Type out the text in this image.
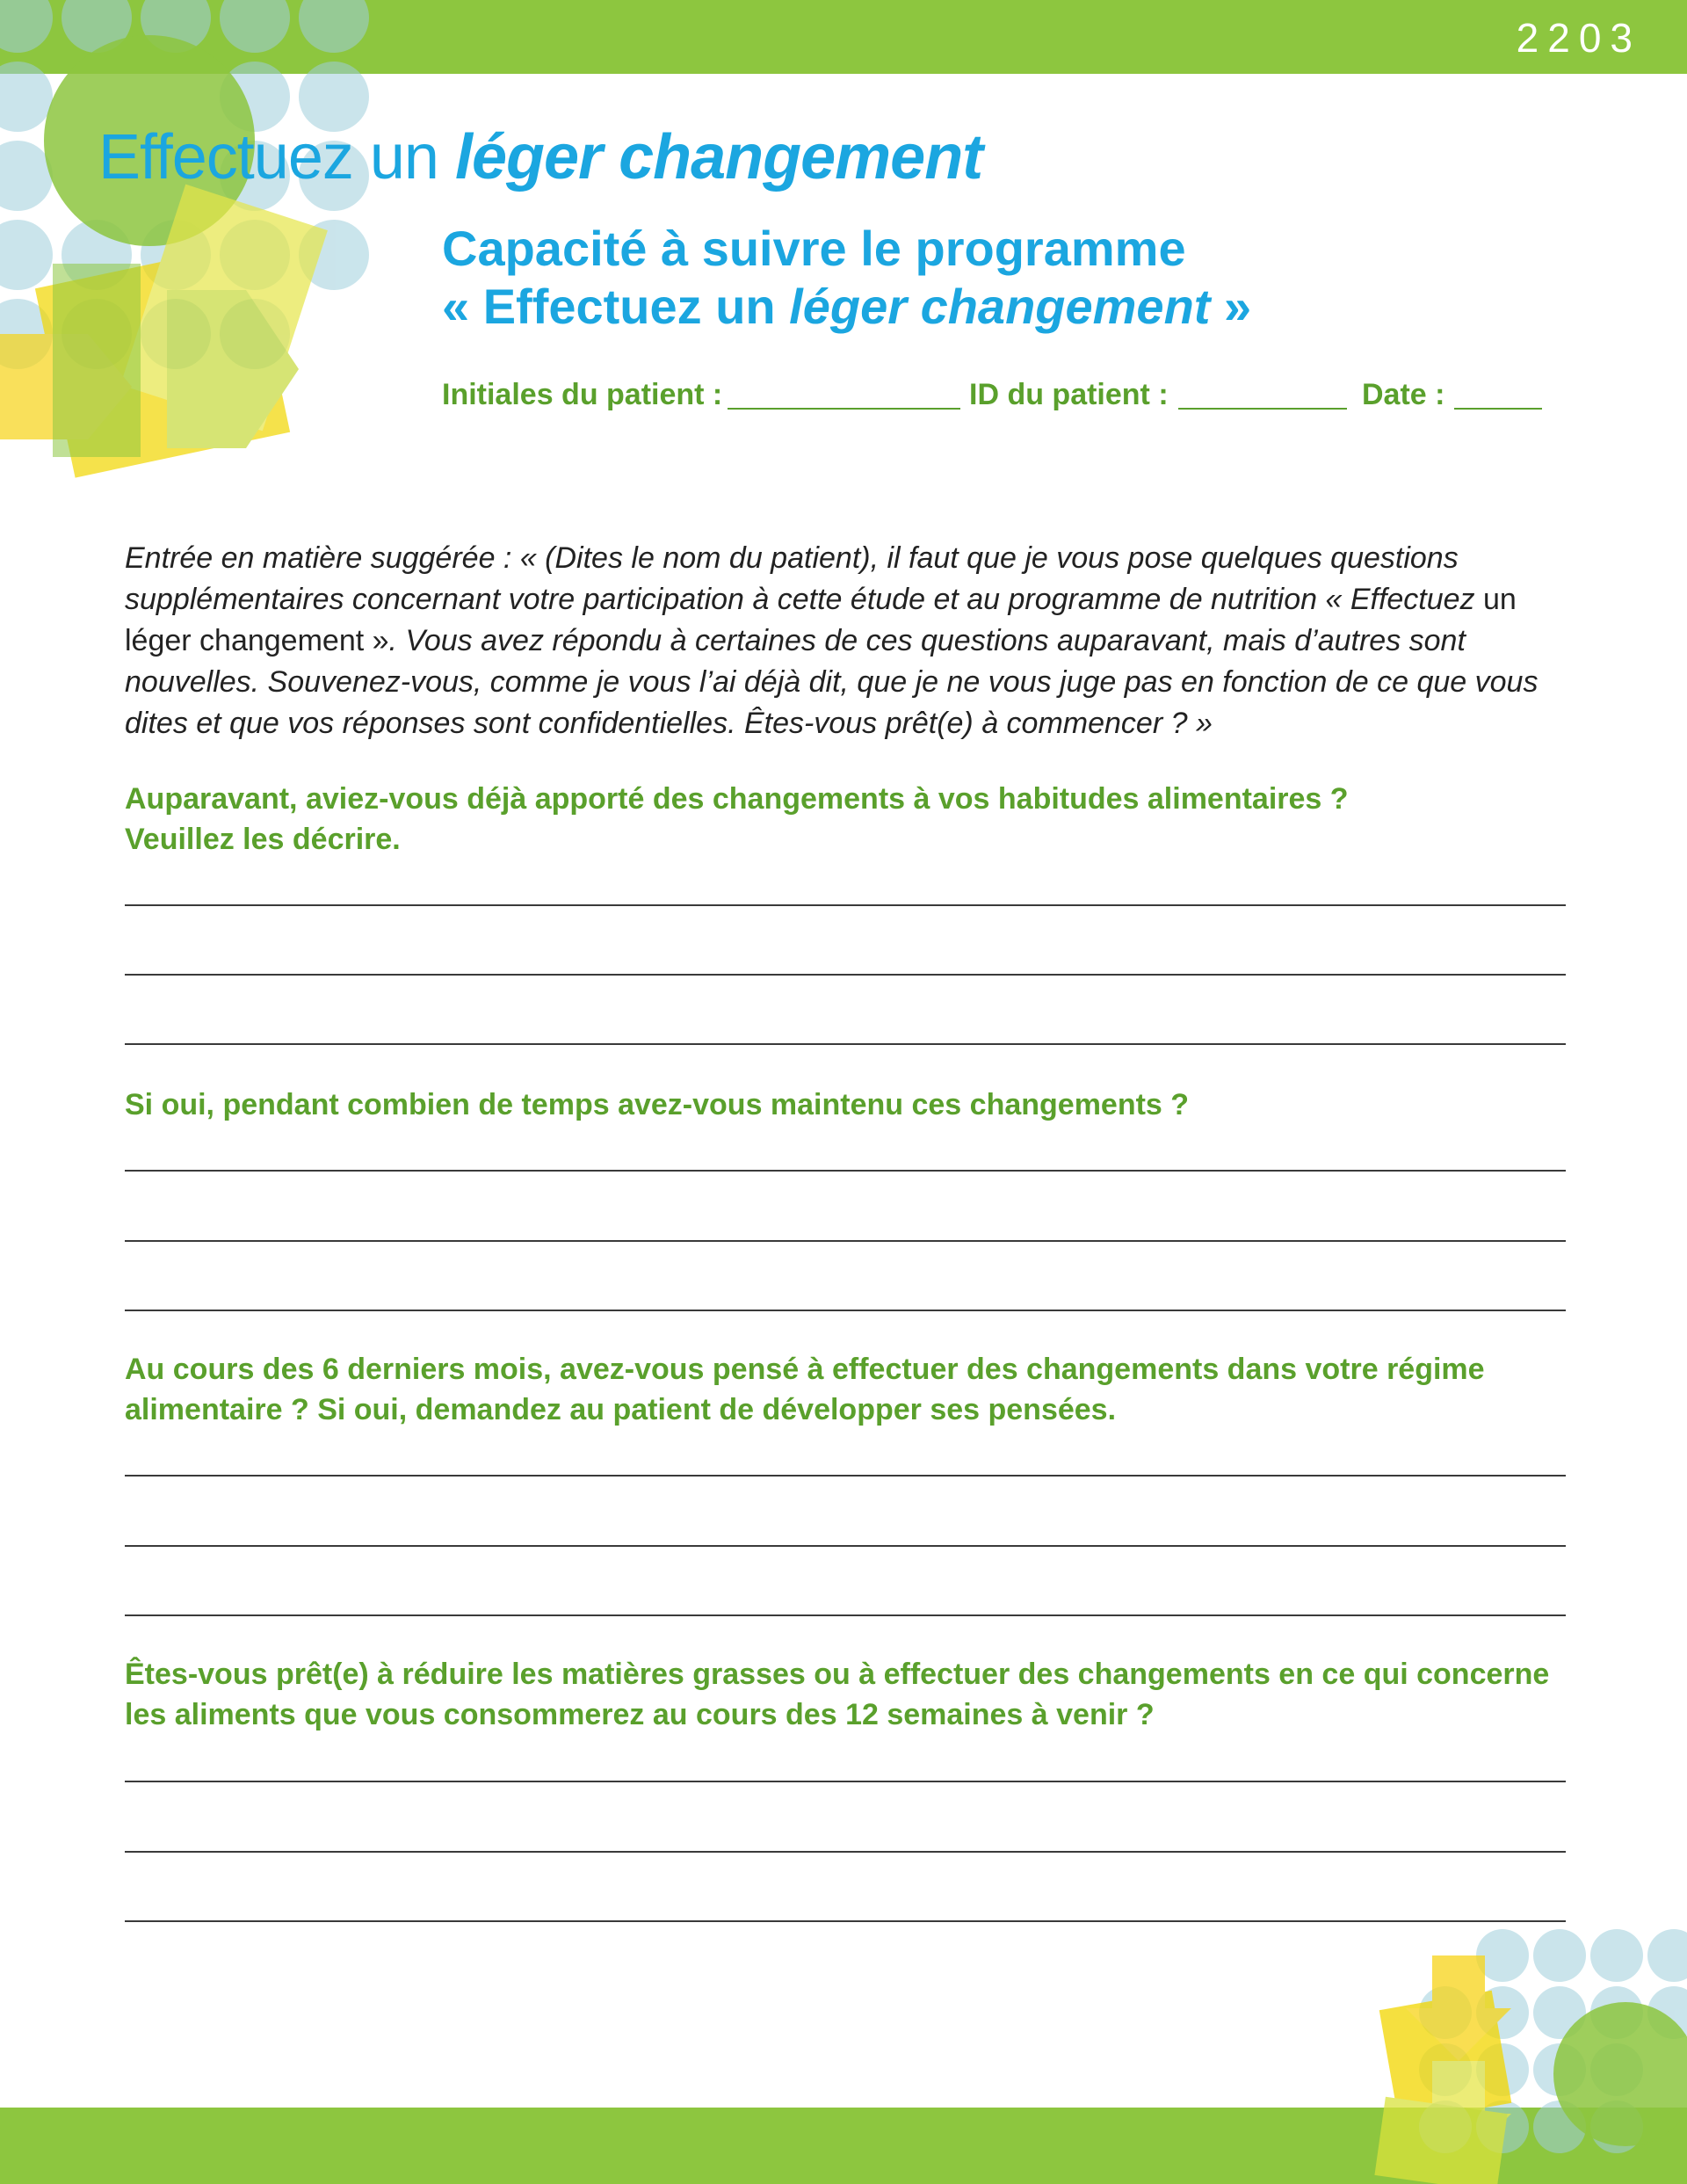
2203
Effectuez un léger changement
Capacité à suivre le programme
« Effectuez un léger changement »
Initiales du patient :	ID du patient :	Date :
Entrée en matière suggérée : « (Dites le nom du patient), il faut que je vous pose quelques questions supplémentaires concernant votre participation à cette étude et au programme de nutrition « Effectuez un léger changement ». Vous avez répondu à certaines de ces questions auparavant, mais d’autres sont nouvelles. Souvenez-vous, comme je vous l’ai déjà dit, que je ne vous juge pas en fonction de ce que vous dites et que vos réponses sont confidentielles. Êtes-vous prêt(e) à commencer ? »
Auparavant, aviez-vous déjà apporté des changements à vos habitudes alimentaires ?
Veuillez les décrire.
Si oui, pendant combien de temps avez-vous maintenu ces changements ?
Au cours des 6 derniers mois, avez-vous pensé à effectuer des changements dans votre régime
alimentaire ? Si oui, demandez au patient de développer ses pensées.
Êtes-vous prêt(e) à réduire les matières grasses ou à effectuer des changements en ce qui concerne
les aliments que vous consommerez au cours des 12 semaines à venir ?
